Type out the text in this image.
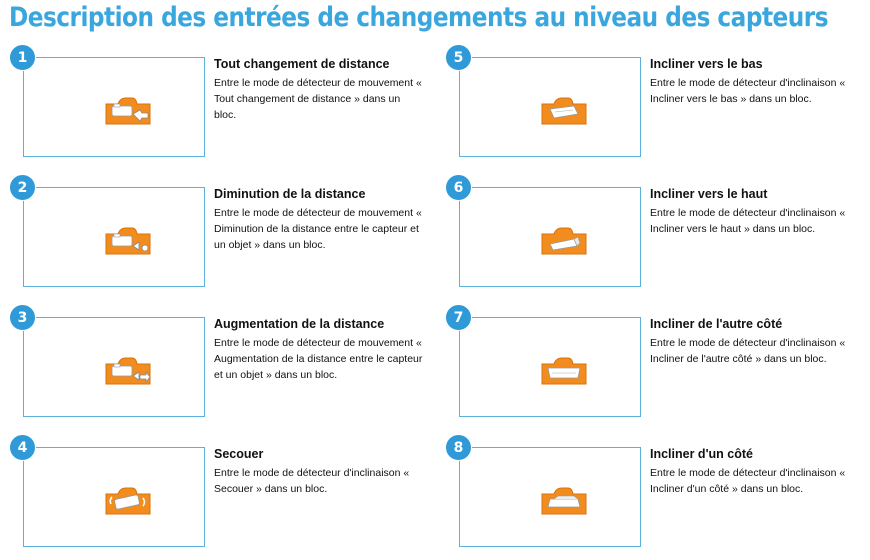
Description des entrées de changements au niveau des capteurs
1	Tout changement de distance

Entre le mode de détecteur de mouvement « Tout changement de distance » dans un bloc.

2	Diminution de la distance

Entre le mode de détecteur de mouvement « Diminution de la distance entre le capteur et un objet » dans un bloc.

3	Augmentation de la distance

Entre le mode de détecteur de mouvement « Augmentation de la distance entre le capteur et un objet » dans un bloc.

4	Secouer

Entre le mode de détecteur d'inclinaison « Secouer » dans un bloc.

5	Incliner vers le bas

Entre le mode de détecteur d'inclinaison « Incliner vers le bas » dans un bloc.

6	Incliner vers le haut

Entre le mode de détecteur d'inclinaison « Incliner vers le haut » dans un bloc.

7	Incliner de l'autre côté

Entre le mode de détecteur d'inclinaison « Incliner de l'autre côté » dans un bloc.

8	Incliner d'un côté

Entre le mode de détecteur d'inclinaison « Incliner d'un côté » dans un bloc.
